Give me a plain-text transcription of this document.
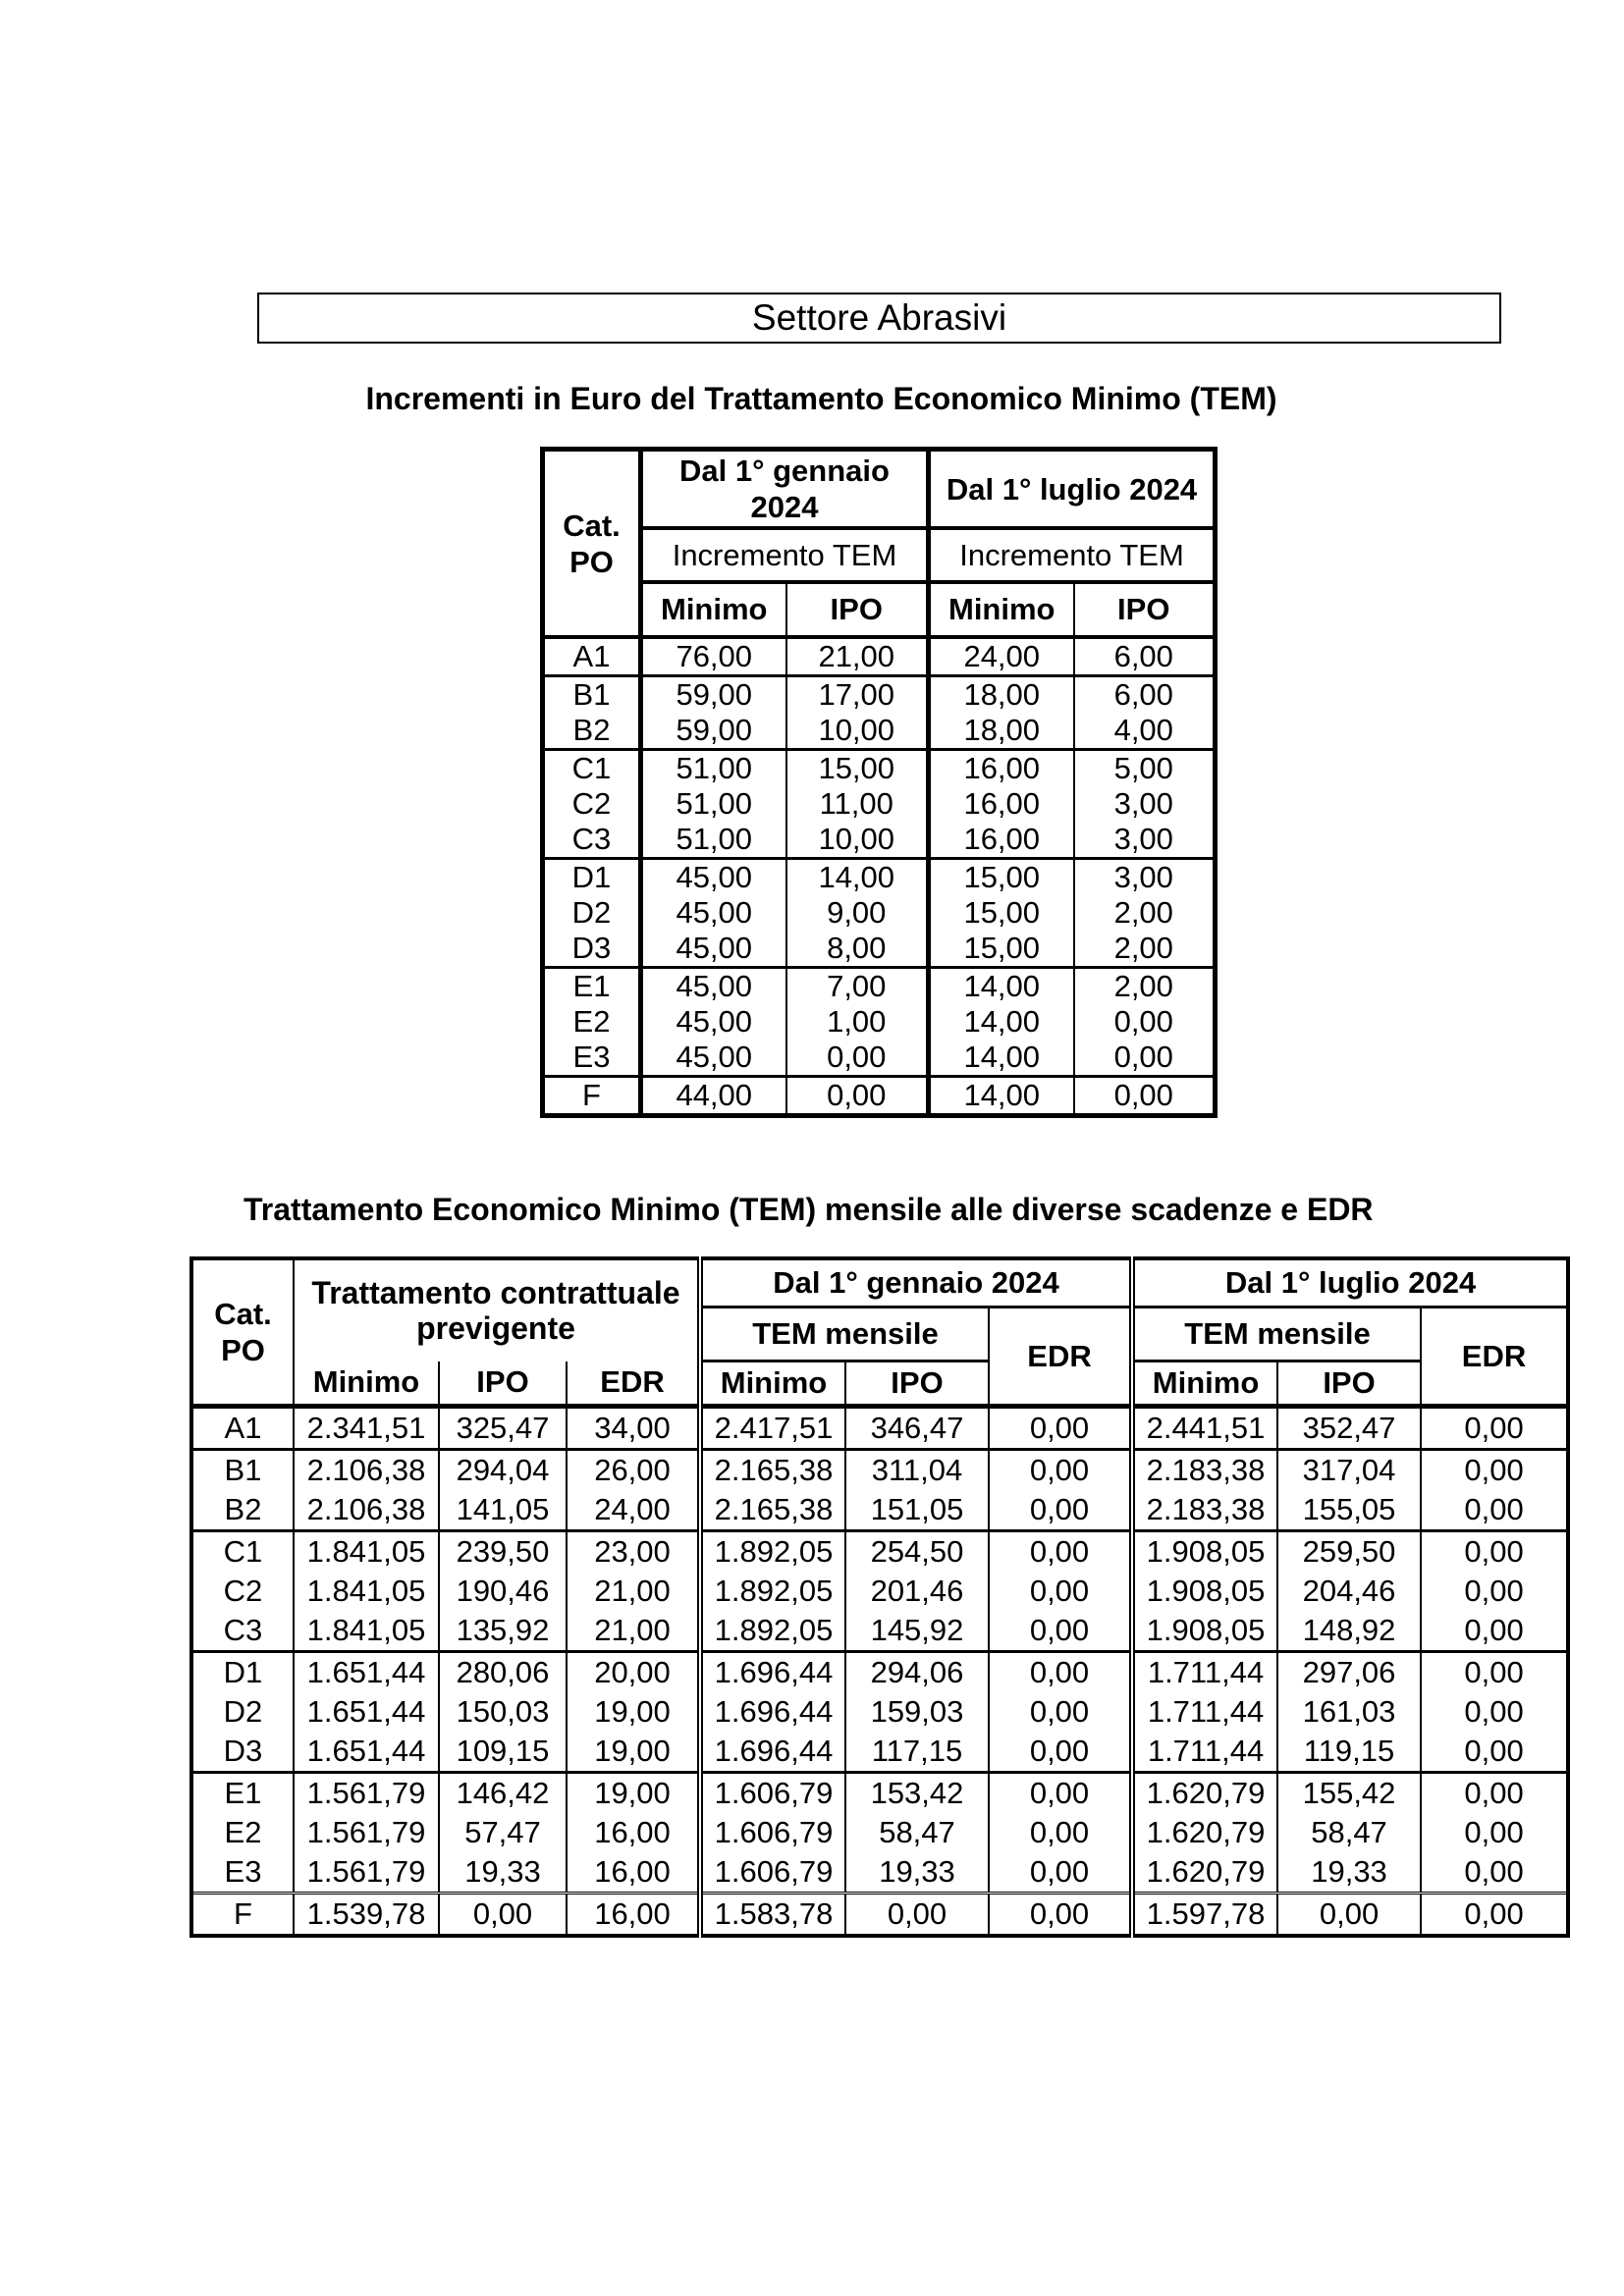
Settore Abrasivi
Incrementi in Euro del Trattamento Economico Minimo (TEM)
Cat.
PO	Dal 1° gennaio 2024		Dal 1° luglio 2024	
	Incremento TEM		Incremento TEM	
	Minimo	IPO	Minimo	IPO
A1	76,00	21,00	24,00	6,00
B1	59,00	17,00	18,00	6,00
B2	59,00	10,00	18,00	4,00
C1	51,00	15,00	16,00	5,00
C2	51,00	11,00	16,00	3,00
C3	51,00	10,00	16,00	3,00
D1	45,00	14,00	15,00	3,00
D2	45,00	9,00	15,00	2,00
D3	45,00	8,00	15,00	2,00
E1	45,00	7,00	14,00	2,00
E2	45,00	1,00	14,00	0,00
E3	45,00	0,00	14,00	0,00
F	44,00	0,00	14,00	0,00
Trattamento Economico Minimo (TEM) mensile alle diverse scadenze e EDR
Cat.
PO	Trattamento contrattuale previgente			Dal 1° gennaio 2024			Dal 1° luglio 2024		
				TEM mensile		EDR	TEM mensile		EDR
	Minimo	IPO	EDR	Minimo	IPO		Minimo	IPO	
A1	2.341,51	325,47	34,00	2.417,51	346,47	0,00	2.441,51	352,47	0,00
B1	2.106,38	294,04	26,00	2.165,38	311,04	0,00	2.183,38	317,04	0,00
B2	2.106,38	141,05	24,00	2.165,38	151,05	0,00	2.183,38	155,05	0,00
C1	1.841,05	239,50	23,00	1.892,05	254,50	0,00	1.908,05	259,50	0,00
C2	1.841,05	190,46	21,00	1.892,05	201,46	0,00	1.908,05	204,46	0,00
C3	1.841,05	135,92	21,00	1.892,05	145,92	0,00	1.908,05	148,92	0,00
D1	1.651,44	280,06	20,00	1.696,44	294,06	0,00	1.711,44	297,06	0,00
D2	1.651,44	150,03	19,00	1.696,44	159,03	0,00	1.711,44	161,03	0,00
D3	1.651,44	109,15	19,00	1.696,44	117,15	0,00	1.711,44	119,15	0,00
E1	1.561,79	146,42	19,00	1.606,79	153,42	0,00	1.620,79	155,42	0,00
E2	1.561,79	57,47	16,00	1.606,79	58,47	0,00	1.620,79	58,47	0,00
E3	1.561,79	19,33	16,00	1.606,79	19,33	0,00	1.620,79	19,33	0,00
F	1.539,78	0,00	16,00	1.583,78	0,00	0,00	1.597,78	0,00	0,00
